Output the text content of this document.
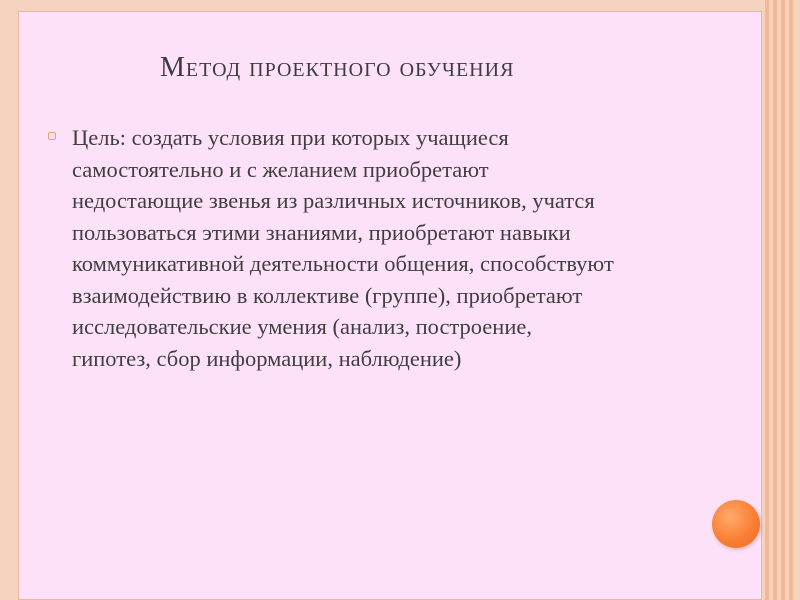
Метод проектного обучения

Цель: создать условия при которых учащиеся
самостоятельно и с желанием приобретают
недостающие звенья из различных источников, учатся
пользоваться этими знаниями, приобретают навыки
коммуникативной деятельности общения, способствуют
взаимодействию в коллективе (группе), приобретают
исследовательские умения (анализ, построение,
гипотез, сбор информации, наблюдение)
